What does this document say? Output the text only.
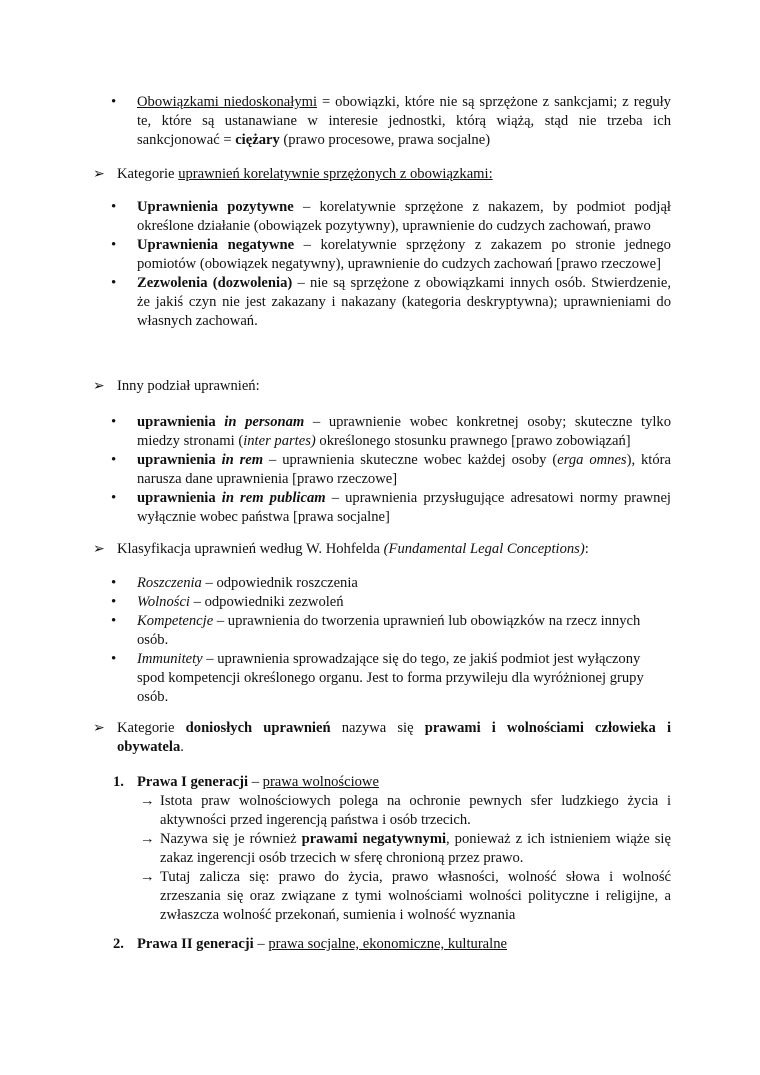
• Obowiązkami niedoskonałymi = obowiązki, które nie są sprzężone z sankcjami; z reguły te, które są ustanawiane w interesie jednostki, którą wiążą, stąd nie trzeba ich sankcjonować = ciężary (prawo procesowe, prawa socjalne)
➢ Kategorie uprawnień korelatywnie sprzężonych z obowiązkami:
• Uprawnienia pozytywne – korelatywnie sprzężone z nakazem, by podmiot podjął określone działanie (obowiązek pozytywny), uprawnienie do cudzych zachowań, prawo
• Uprawnienia negatywne – korelatywnie sprzężony z zakazem po stronie jednego pomiotów (obowiązek negatywny), uprawnienie do cudzych zachowań [prawo rzeczowe]
• Zezwolenia (dozwolenia) – nie są sprzężone z obowiązkami innych osób. Stwierdzenie, że jakiś czyn nie jest zakazany i nakazany (kategoria deskryptywna); uprawnieniami do własnych zachowań.
➢ Inny podział uprawnień:
• uprawnienia in personam – uprawnienie wobec konkretnej osoby; skuteczne tylko miedzy stronami (inter partes) określonego stosunku prawnego [prawo zobowiązań]
• uprawnienia in rem – uprawnienia skuteczne wobec każdej osoby (erga omnes), która narusza dane uprawnienia [prawo rzeczowe]
• uprawnienia in rem publicam – uprawnienia przysługujące adresatowi normy prawnej wyłącznie wobec państwa [prawa socjalne]
➢ Klasyfikacja uprawnień według W. Hohfelda (Fundamental Legal Conceptions):
• Roszczenia – odpowiednik roszczenia
• Wolności – odpowiedniki zezwoleń
• Kompetencje – uprawnienia do tworzenia uprawnień lub obowiązków na rzecz innych osób.
• Immunitety – uprawnienia sprowadzające się do tego, ze jakiś podmiot jest wyłączony spod kompetencji określonego organu. Jest to forma przywileju dla wyróżnionej grupy osób.
➢ Kategorie doniosłych uprawnień nazywa się prawami i wolnościami człowieka i obywatela.
1. Prawa I generacji – prawa wolnościowe
→ Istota praw wolnościowych polega na ochronie pewnych sfer ludzkiego życia i aktywności przed ingerencją państwa i osób trzecich.
→ Nazywa się je również prawami negatywnymi, ponieważ z ich istnieniem wiąże się zakaz ingerencji osób trzecich w sferę chronioną przez prawo.
→ Tutaj zalicza się: prawo do życia, prawo własności, wolność słowa i wolność zrzeszania się oraz związane z tymi wolnościami wolności polityczne i religijne, a zwłaszcza wolność przekonań, sumienia i wolność wyznania
2. Prawa II generacji – prawa socjalne, ekonomiczne, kulturalne
